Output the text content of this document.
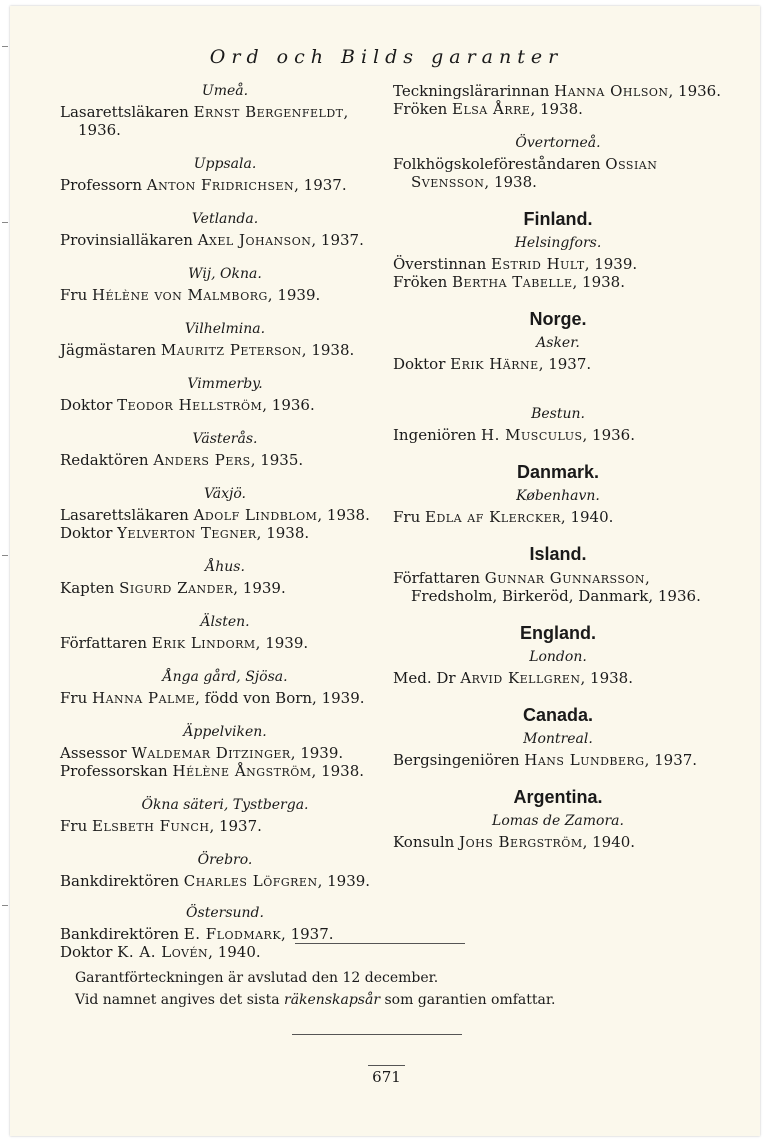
Ord och Bilds garanter
Umeå.
Lasarettsläkaren Ernst Bergenfeldt, 1936.
Uppsala.
Professorn Anton Fridrichsen, 1937.
Vetlanda.
Provinsialläkaren Axel Johanson, 1937.
Wij, Okna.
Fru Hélène von Malmborg, 1939.
Vilhelmina.
Jägmästaren Mauritz Peterson, 1938.
Vimmerby.
Doktor Teodor Hellström, 1936.
Västerås.
Redaktören Anders Pers, 1935.
Växjö.
Lasarettsläkaren Adolf Lindblom, 1938.
Doktor Yelverton Tegner, 1938.
Åhus.
Kapten Sigurd Zander, 1939.
Älsten.
Författaren Erik Lindorm, 1939.
Ånga gård, Sjösa.
Fru Hanna Palme, född von Born, 1939.
Äppelviken.
Assessor Waldemar Ditzinger, 1939.
Professorskan Hélène Ångström, 1938.
Ökna säteri, Tystberga.
Fru Elsbeth Funch, 1937.
Örebro.
Bankdirektören Charles Löfgren, 1939.
Östersund.
Bankdirektören E. Flodmark, 1937.
Doktor K. A. Lovén, 1940.
Teckningslärarinnan Hanna Ohlson, 1936.
Fröken Elsa Årre, 1938.
Övertorneå.
Folkhögskoleföreståndaren Ossian Svensson, 1938.
Finland.
Helsingfors.
Överstinnan Estrid Hult, 1939.
Fröken Bertha Tabelle, 1938.
Norge.
Asker.
Doktor Erik Härne, 1937.
Bestun.
Ingeniören H. Musculus, 1936.
Danmark.
København.
Fru Edla af Klercker, 1940.
Island.
Författaren Gunnar Gunnarsson, Fredsholm, Birkeröd, Danmark, 1936.
England.
London.
Med. Dr Arvid Kellgren, 1938.
Canada.
Montreal.
Bergsingeniören Hans Lundberg, 1937.
Argentina.
Lomas de Zamora.
Konsuln Johs Bergström, 1940.
Garantförteckningen är avslutad den 12 december.
Vid namnet angives det sista räkenskapsår som garantien omfattar.
671
